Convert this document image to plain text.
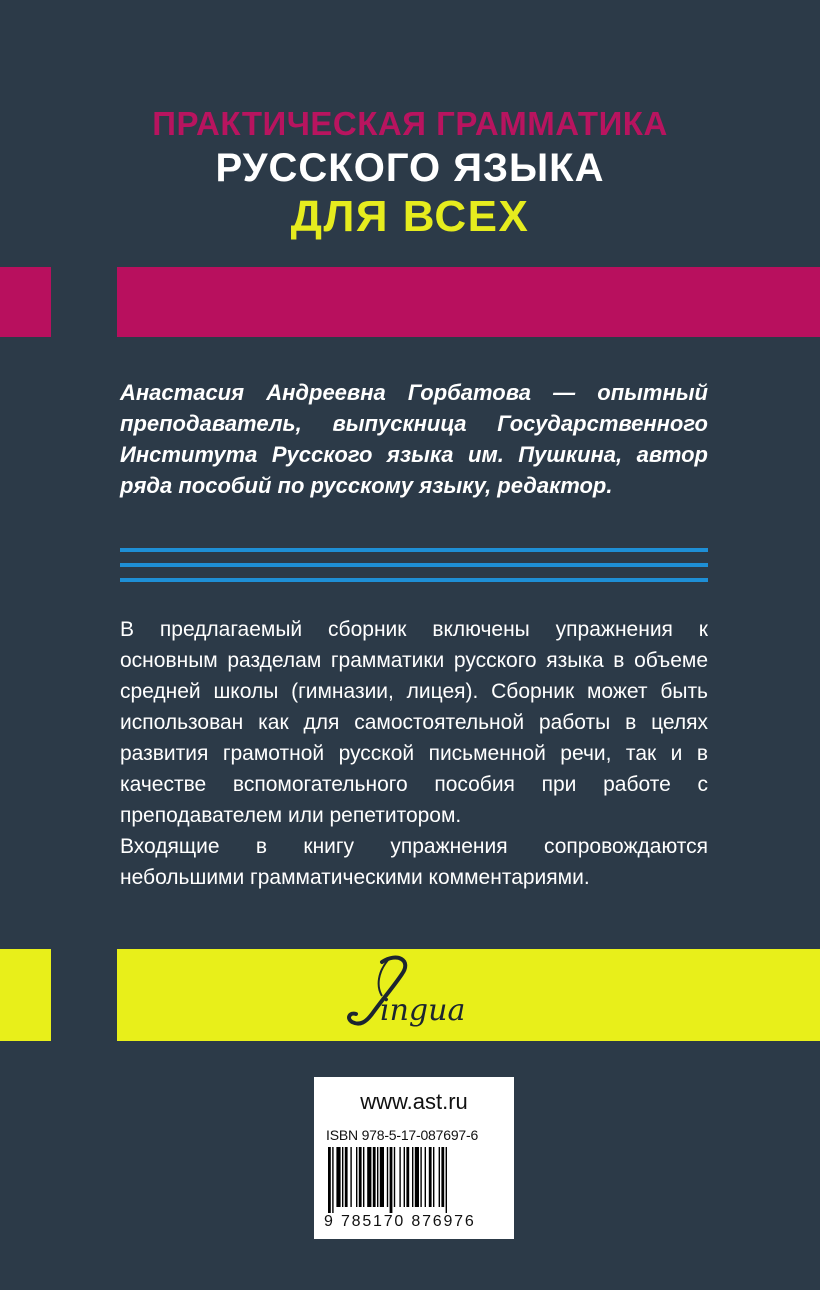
ПРАКТИЧЕСКАЯ ГРАММАТИКА
РУССКОГО ЯЗЫКА
ДЛЯ ВСЕХ
Анастасия Андреевна Горбатова — опытный преподаватель, выпускница Государственного Института Русского языка им. Пушкина, автор ряда пособий по русскому языку, редактор.

В предлагаемый сборник включены упражнения к основным разделам грамматики русского языка в объеме средней школы (гимназии, лицея). Сборник может быть использован как для самостоятельной работы в целях развития грамотной русской письменной речи, так и в качестве вспомогательного пособия при работе с преподавателем или репетитором.

Входящие в книгу упражнения сопровождаются небольшими грамматическими комментариями.

ingua
www.ast.ru
ISBN 978-5-17-087697-6
9 785170 876976
